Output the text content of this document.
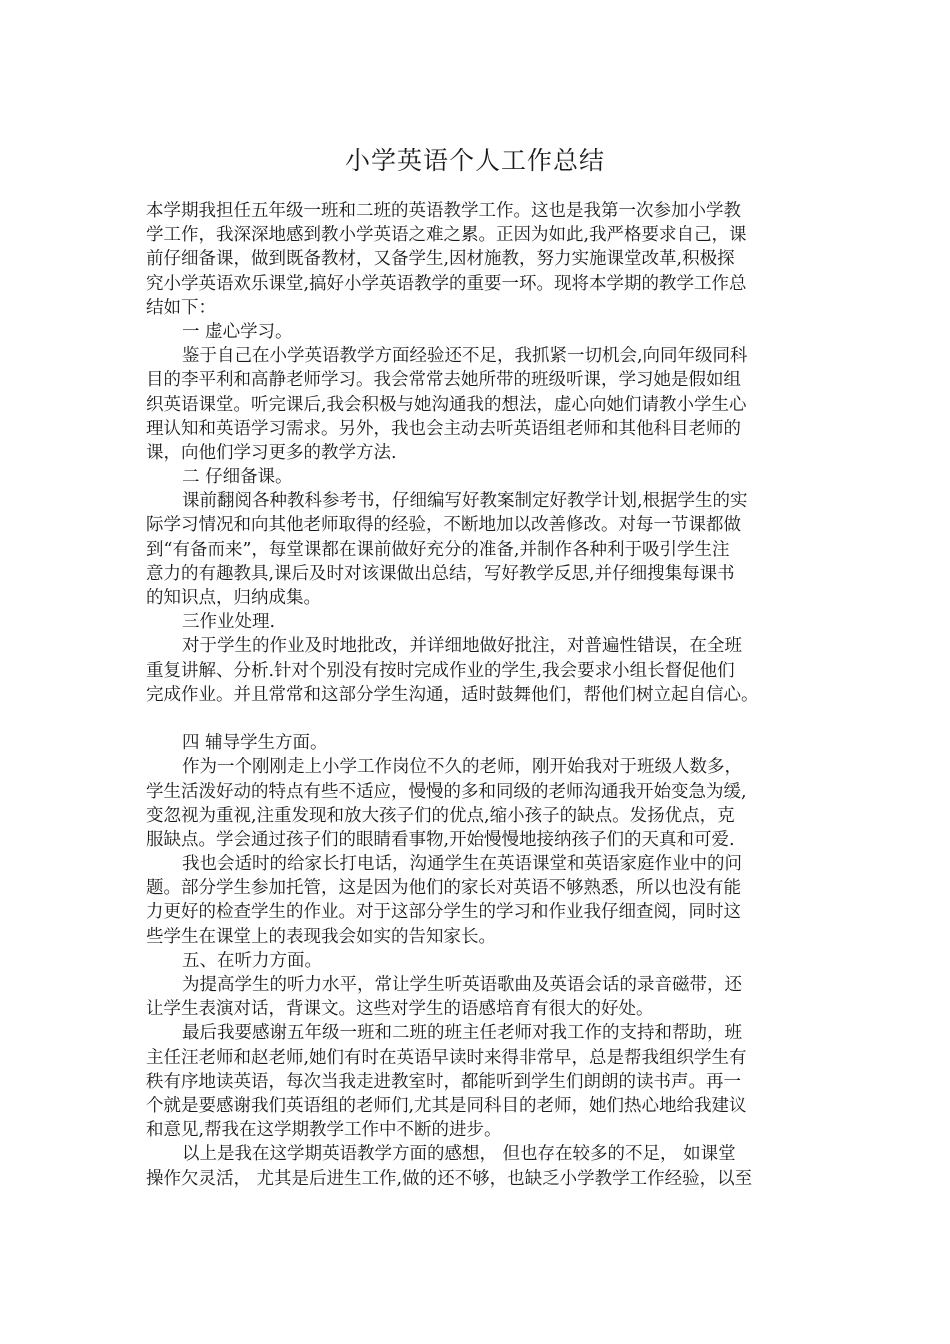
小学英语个人工作总结
本学期我担任五年级一班和二班的英语教学工作。这也是我第一次参加小学教
学工作，我深深地感到教小学英语之难之累。正因为如此,我严格要求自己，课
前仔细备课，做到既备教材，又备学生,因材施教，努力实施课堂改革,积极探
究小学英语欢乐课堂,搞好小学英语教学的重要一环。现将本学期的教学工作总
结如下：
一 虚心学习。
鉴于自己在小学英语教学方面经验还不足，我抓紧一切机会,向同年级同科
目的李平利和高静老师学习。我会常常去她所带的班级听课，学习她是假如组
织英语课堂。听完课后,我会积极与她沟通我的想法，虚心向她们请教小学生心
理认知和英语学习需求。另外，我也会主动去听英语组老师和其他科目老师的
课，向他们学习更多的教学方法.
二 仔细备课。
课前翻阅各种教科参考书，仔细编写好教案制定好教学计划,根据学生的实
际学习情况和向其他老师取得的经验，不断地加以改善修改。对每一节课都做
到“有备而来”，每堂课都在课前做好充分的准备,并制作各种利于吸引学生注
意力的有趣教具,课后及时对该课做出总结，写好教学反思,并仔细搜集每课书
的知识点，归纳成集。
三作业处理.
对于学生的作业及时地批改，并详细地做好批注，对普遍性错误，在全班
重复讲解、分析.针对个别没有按时完成作业的学生,我会要求小组长督促他们
完成作业。并且常常和这部分学生沟通，适时鼓舞他们，帮他们树立起自信心。
四 辅导学生方面。
作为一个刚刚走上小学工作岗位不久的老师，刚开始我对于班级人数多，
学生活泼好动的特点有些不适应，慢慢的多和同级的老师沟通我开始变急为缓,
变忽视为重视,注重发现和放大孩子们的优点,缩小孩子的缺点。发扬优点，克
服缺点。学会通过孩子们的眼睛看事物,开始慢慢地接纳孩子们的天真和可爱.
我也会适时的给家长打电话，沟通学生在英语课堂和英语家庭作业中的问
题。部分学生参加托管，这是因为他们的家长对英语不够熟悉，所以也没有能
力更好的检查学生的作业。对于这部分学生的学习和作业我仔细查阅，同时这
些学生在课堂上的表现我会如实的告知家长。
五、在听力方面。
为提高学生的听力水平，常让学生听英语歌曲及英语会话的录音磁带，还
让学生表演对话，背课文。这些对学生的语感培育有很大的好处。
最后我要感谢五年级一班和二班的班主任老师对我工作的支持和帮助，班
主任汪老师和赵老师,她们有时在英语早读时来得非常早，总是帮我组织学生有
秩有序地读英语，每次当我走进教室时，都能听到学生们朗朗的读书声。再一
个就是要感谢我们英语组的老师们,尤其是同科目的老师，她们热心地给我建议
和意见,帮我在这学期教学工作中不断的进步。
以上是我在这学期英语教学方面的感想， 但也存在较多的不足， 如课堂
操作欠灵活， 尤其是后进生工作,做的还不够，也缺乏小学教学工作经验，以至
